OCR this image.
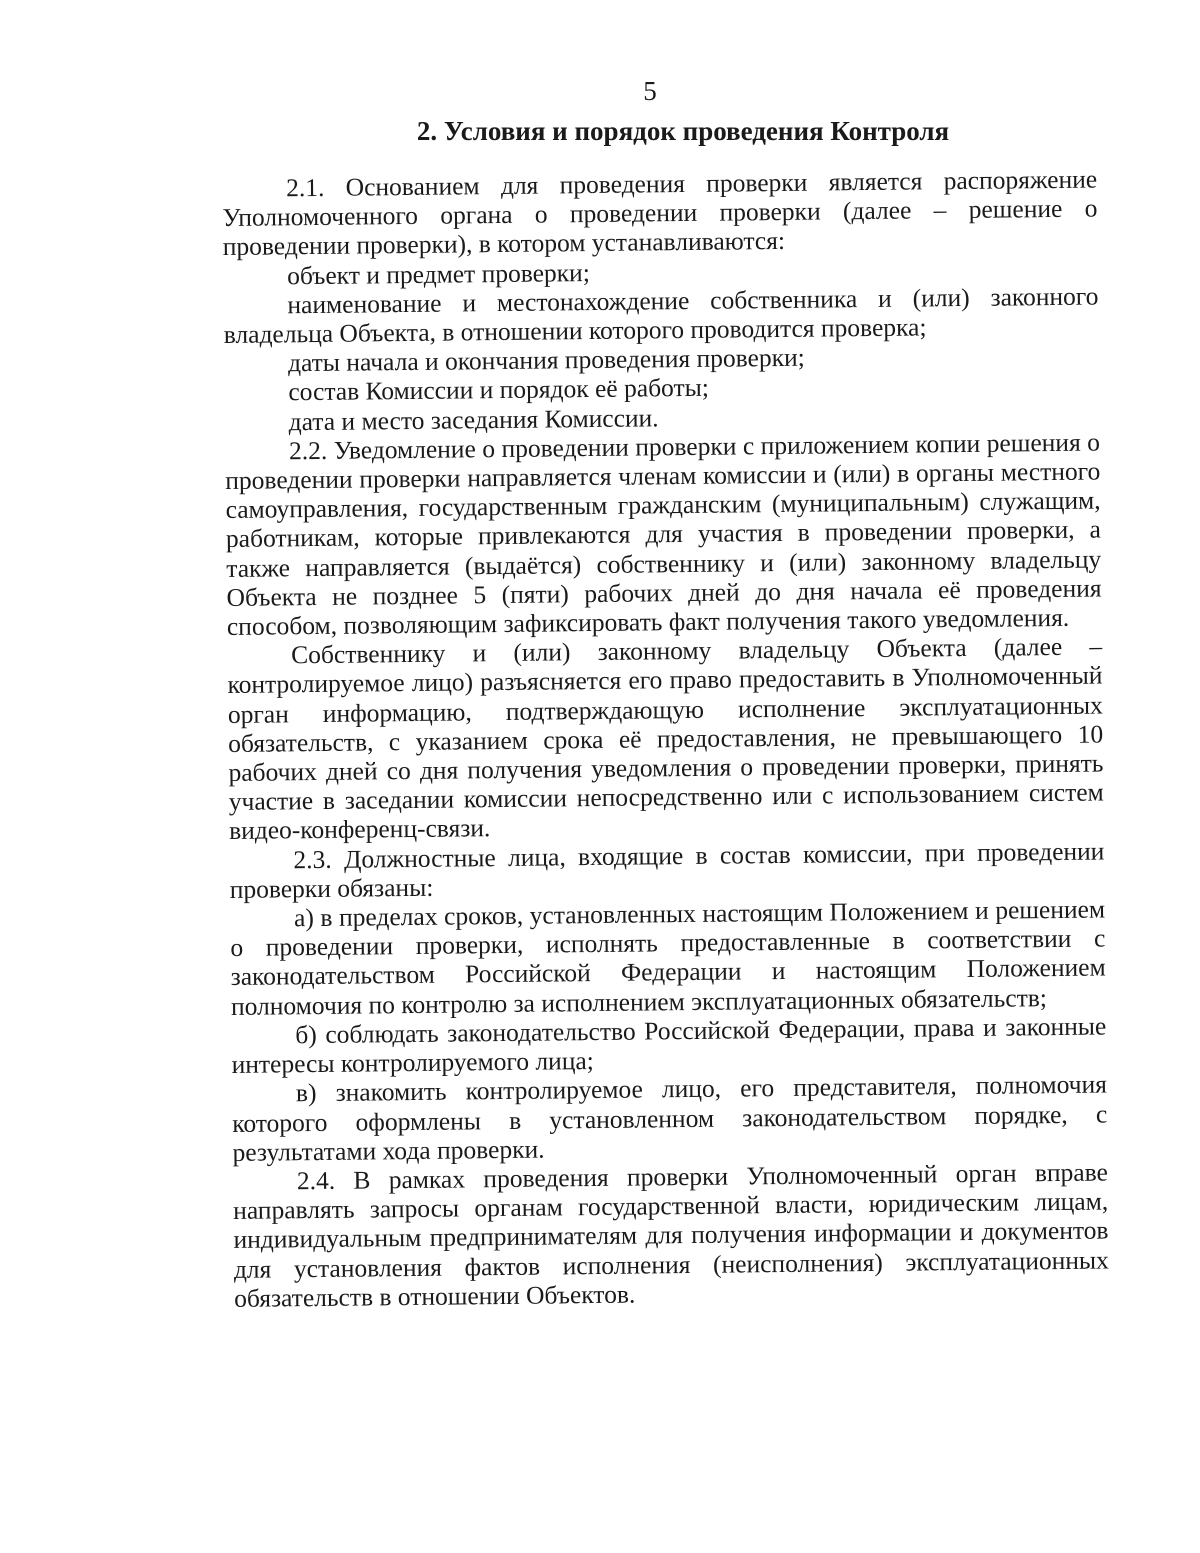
5
2. Условия и порядок проведения Контроля

2.1. Основанием для проведения проверки является распоряжение Уполномоченного органа о проведении проверки (далее – решение о проведении проверки), в котором устанавливаются:

объект и предмет проверки;

наименование и местонахождение собственника и (или) законного владельца Объекта, в отношении которого проводится проверка;

даты начала и окончания проведения проверки;

состав Комиссии и порядок её работы;

дата и место заседания Комиссии.

2.2. Уведомление о проведении проверки с приложением копии решения о проведении проверки направляется членам комиссии и (или) в органы местного самоуправления, государственным гражданским (муниципальным) служащим, работникам, которые привлекаются для участия в проведении проверки, а также направляется (выдаётся) собственнику и (или) законному владельцу Объекта не позднее 5 (пяти) рабочих дней до дня начала её проведения способом, позволяющим зафиксировать факт получения такого уведомления.

Собственнику и (или) законному владельцу Объекта (далее – контролируемое лицо) разъясняется его право предоставить в Уполномоченный орган информацию, подтверждающую исполнение эксплуатационных обязательств, с указанием срока её предоставления, не превышающего 10 рабочих дней со дня получения уведомления о проведении проверки, принять участие в заседании комиссии непосредственно или с использованием систем видео-конференц-связи.

2.3. Должностные лица, входящие в состав комиссии, при проведении проверки обязаны:

а) в пределах сроков, установленных настоящим Положением и решением о проведении проверки, исполнять предоставленные в соответствии с законодательством Российской Федерации и настоящим Положением полномочия по контролю за исполнением эксплуатационных обязательств;

б) соблюдать законодательство Российской Федерации, права и законные интересы контролируемого лица;

в) знакомить контролируемое лицо, его представителя, полномочия которого оформлены в установленном законодательством порядке, с результатами хода проверки.

2.4. В рамках проведения проверки Уполномоченный орган вправе направлять запросы органам государственной власти, юридическим лицам, индивидуальным предпринимателям для получения информации и документов для установления фактов исполнения (неисполнения) эксплуатационных обязательств в отношении Объектов.
